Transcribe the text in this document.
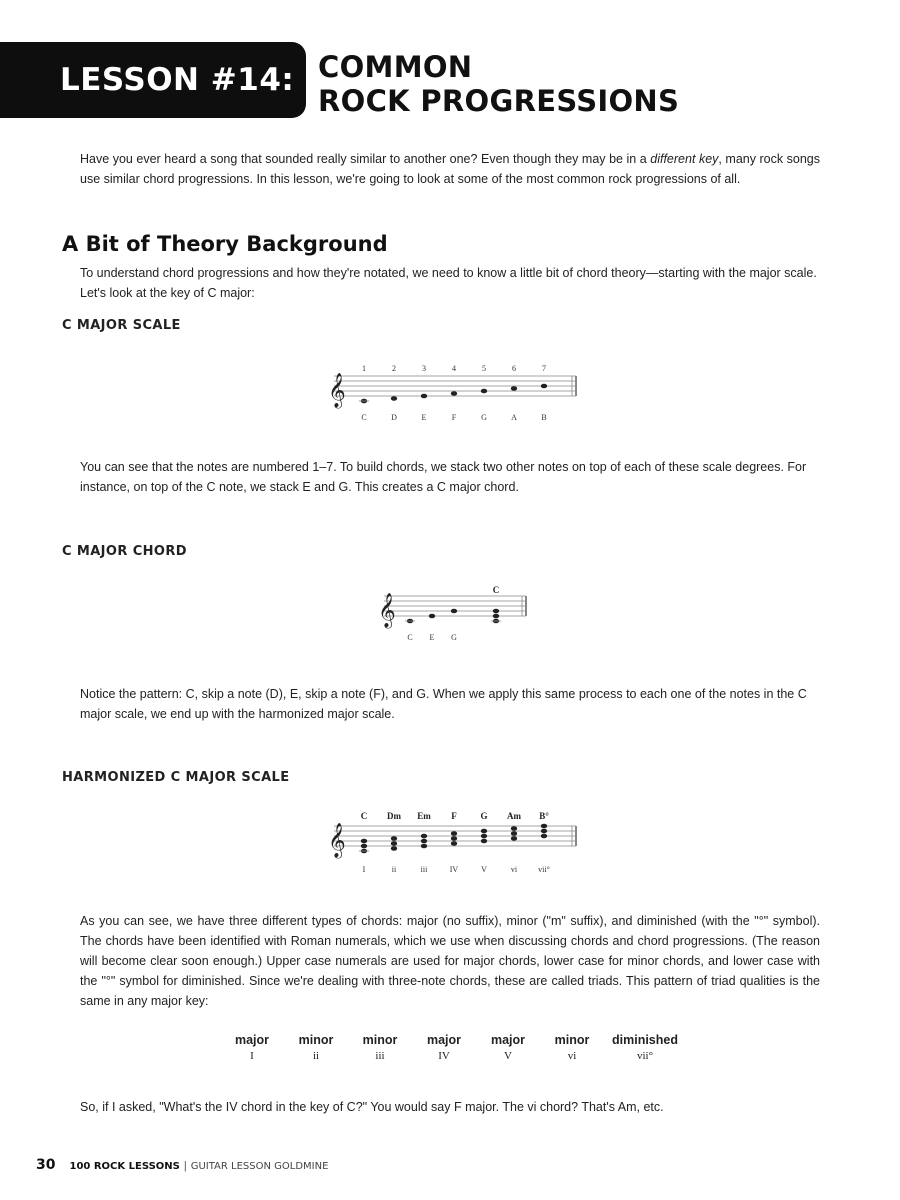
LESSON #14: COMMON
ROCK PROGRESSIONS

Have you ever heard a song that sounded really similar to another one? Even though they may be in a different key, many rock songs use similar chord progressions. In this lesson, we're going to look at some of the most common rock progressions of all.

A Bit of Theory Background

To understand chord progressions and how they're notated, we need to know a little bit of chord theory—starting with the major scale. Let's look at the key of C major:

C MAJOR SCALE
𝄞
1	2	3	4	5	6	7
C	D	E	F	G	A	B

You can see that the notes are numbered 1–7. To build chords, we stack two other notes on top of each of these scale degrees. For instance, on top of the C note, we stack E and G. This creates a C major chord.

C MAJOR CHORD
𝄞
C
C E G

Notice the pattern: C, skip a note (D), E, skip a note (F), and G. When we apply this same process to each one of the notes in the C major scale, we end up with the harmonized major scale.

HARMONIZED C MAJOR SCALE
𝄞
C Dm Em F	G Am B°
I	ii	iii	IV	V	vi	vii°

As you can see, we have three different types of chords: major (no suffix), minor ("m" suffix), and diminished (with the "°" symbol). The chords have been identified with Roman numerals, which we use when discussing chords and chord progressions. (The reason will become clear soon enough.) Upper case numerals are used for major chords, lower case for minor chords, and lower case with the "°" symbol for diminished. Since we're dealing with three-note chords, these are called triads. This pattern of triad qualities is the same in any major key:

major	minor	minor	major	major	minor	diminished
I	ii	iii	IV	V	vi	vii°

So, if I asked, "What's the IV chord in the key of C?" You would say F major. The vi chord? That's Am, etc.

30 100 ROCK LESSONS | GUITAR LESSON GOLDMINE
